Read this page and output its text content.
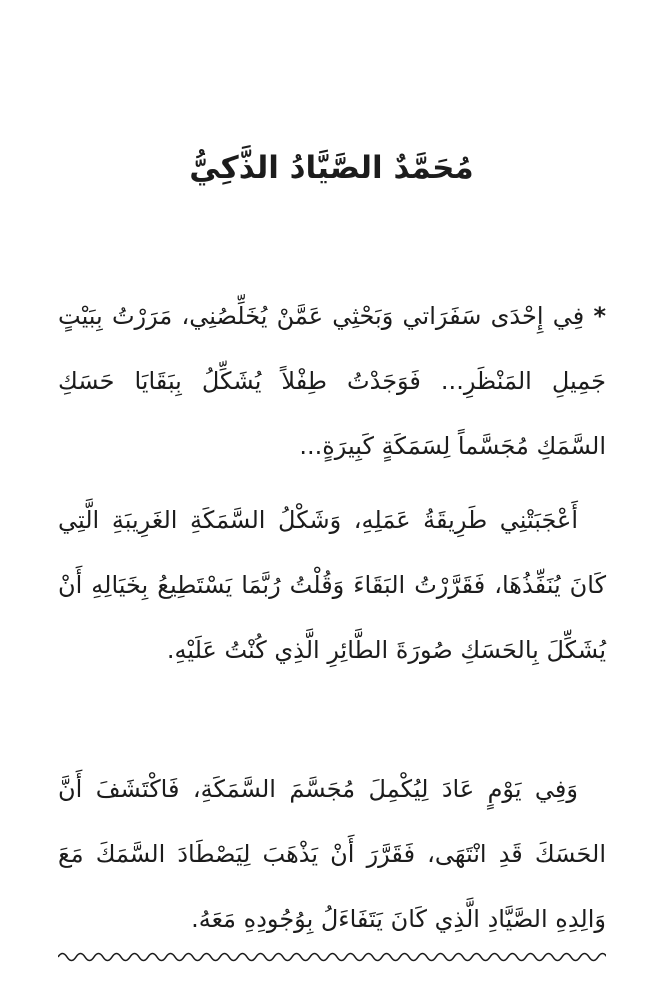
مُحَمَّدٌ الصَّيَّادُ الذَّكِيُّ

* فِي إِحْدَى سَفَرَاتي وَبَحْثِي عَمَّنْ يُخَلِّصُنِي، مَرَرْتُ بِبَيْتٍ جَمِيلِ المَنْظَرِ... فَوَجَدْتُ طِفْلاً يُشَكِّلُ بِبَقَايَا حَسَكِ السَّمَكِ مُجَسَّماً لِسَمَكَةٍ كَبِيرَةٍ...

أَعْجَبَتْنِي طَرِيقَةُ عَمَلِهِ، وَشَكْلُ السَّمَكَةِ الغَرِيبَةِ الَّتِي كَانَ يُنَفِّذُهَا، فَقَرَّرْتُ البَقَاءَ وَقُلْتُ رُبَّمَا يَسْتَطِيعُ بِخَيَالِهِ أَنْ يُشَكِّلَ بِالحَسَكِ صُورَةَ الطَّائِرِ الَّذِي كُنْتُ عَلَيْهِ.

وَفِي يَوْمٍ عَادَ لِيُكْمِلَ مُجَسَّمَ السَّمَكَةِ، فَاكْتَشَفَ أَنَّ الحَسَكَ قَدِ انْتَهَى، فَقَرَّرَ أَنْ يَذْهَبَ لِيَصْطَادَ السَّمَكَ مَعَ وَالِدِهِ الصَّيَّادِ الَّذِي كَانَ يَتَفَاءَلُ بِوُجُودِهِ مَعَهُ.
